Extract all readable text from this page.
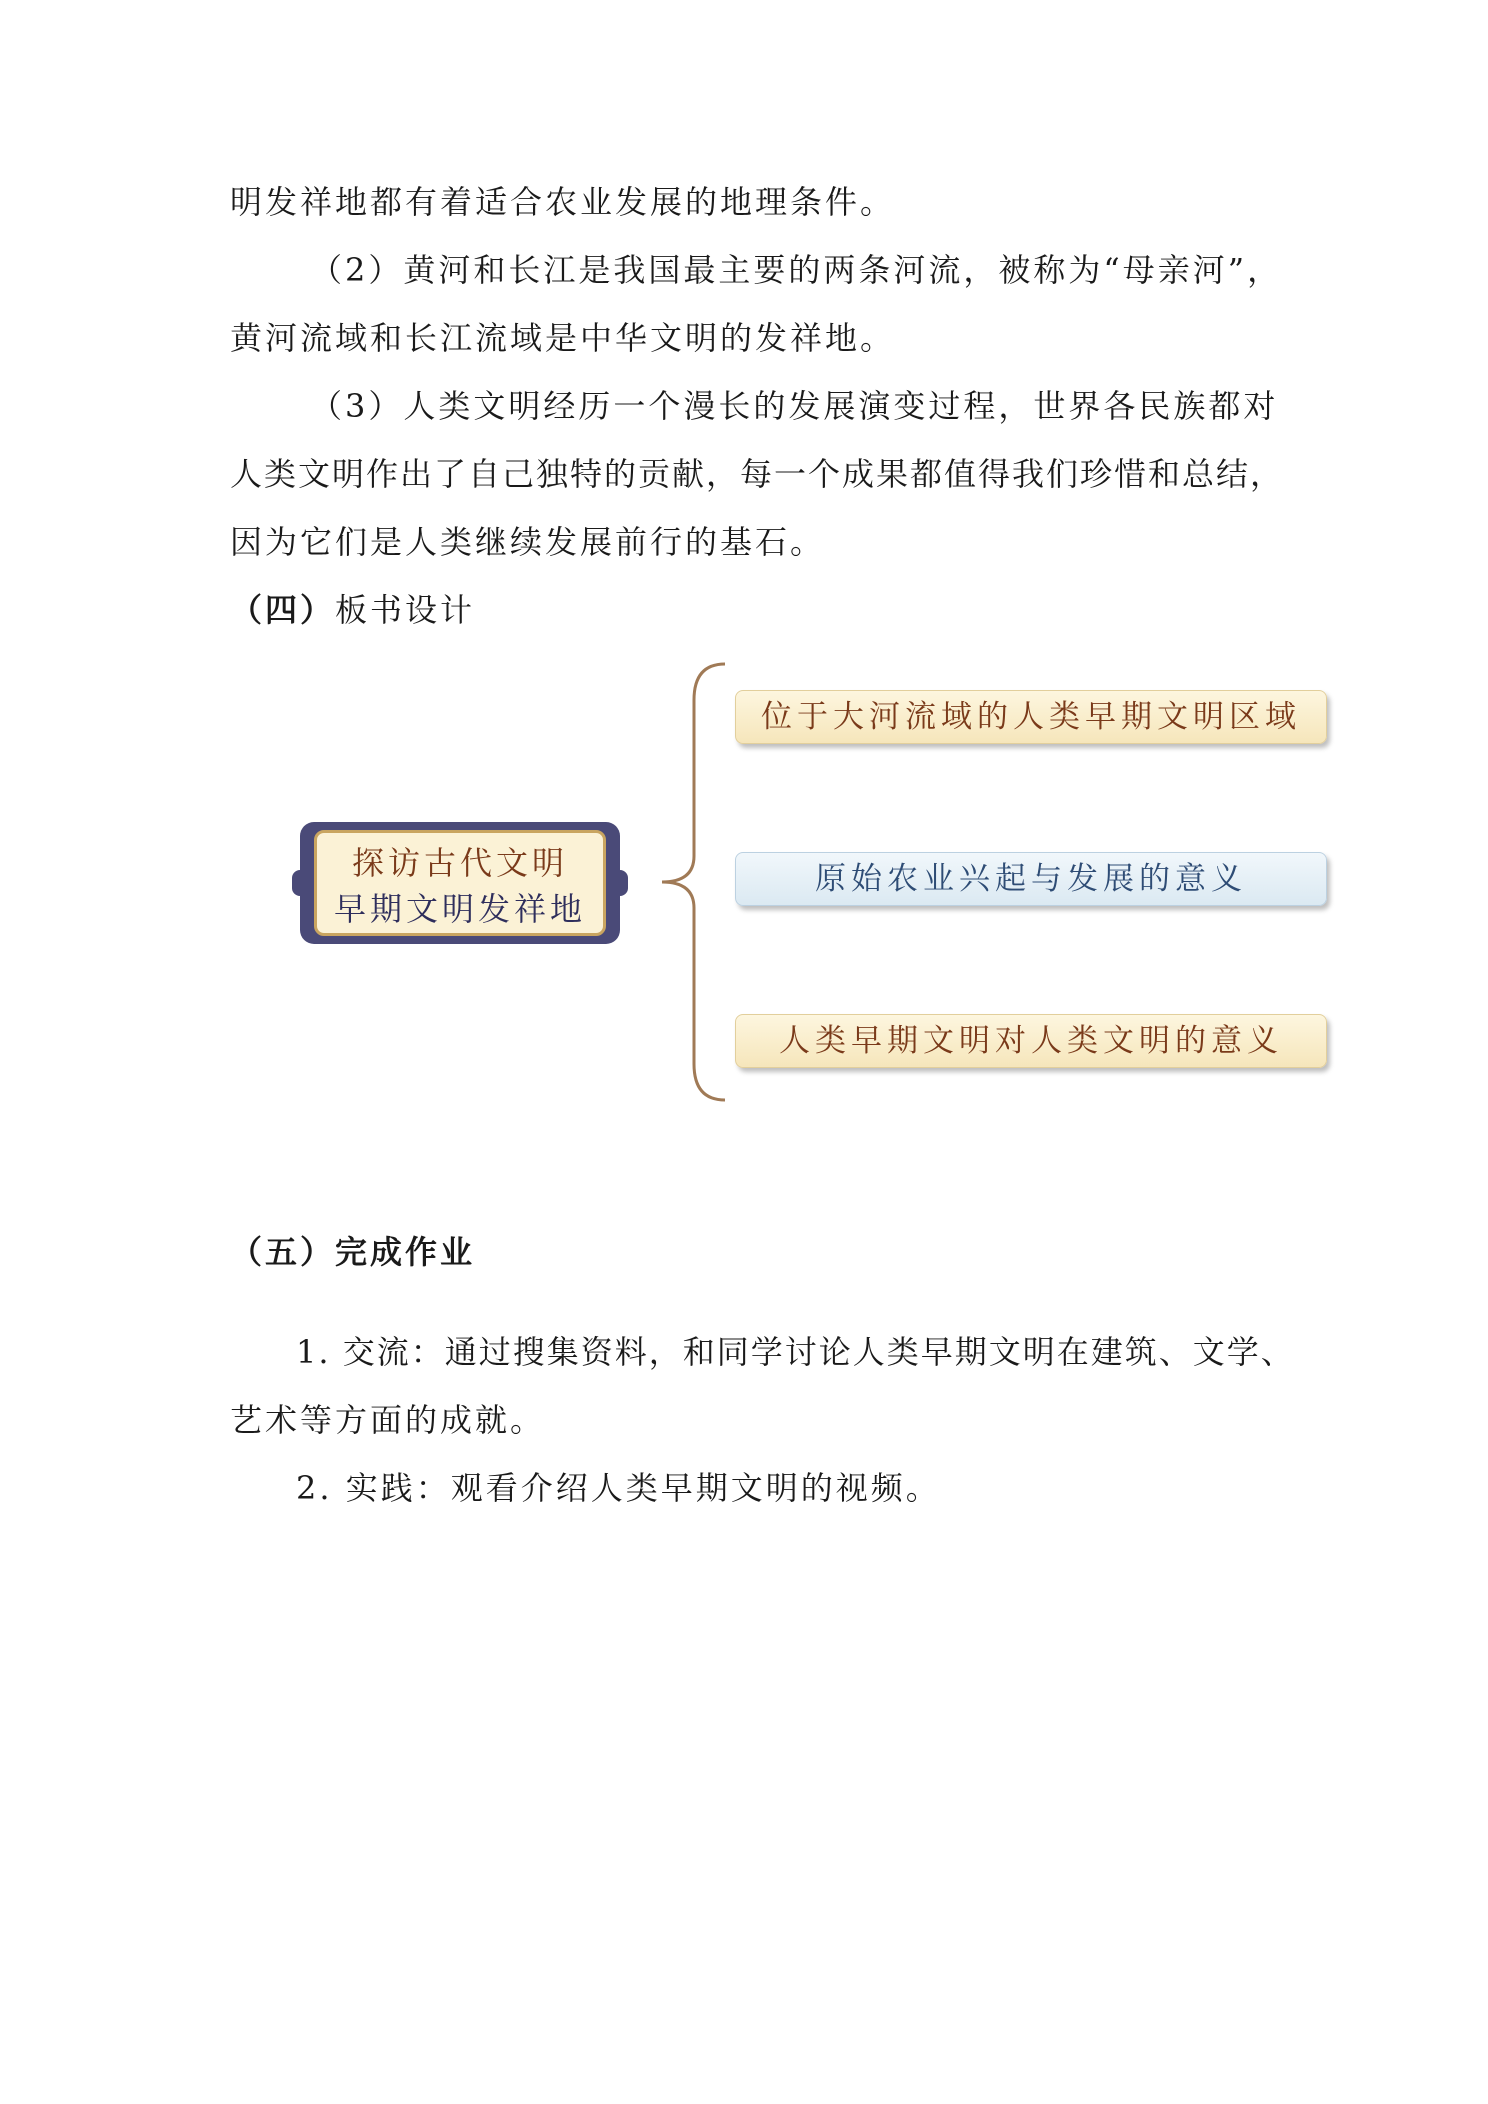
明发祥地都有着适合农业发展的地理条件。
（2）黄河和长江是我国最主要的两条河流，被称为“母亲河”，
黄河流域和长江流域是中华文明的发祥地。
（3）人类文明经历一个漫长的发展演变过程，世界各民族都对
人类文明作出了自己独特的贡献，每一个成果都值得我们珍惜和总结，
因为它们是人类继续发展前行的基石。
（四）板书设计
探访古代文明
早期文明发祥地
位于大河流域的人类早期文明区域
原始农业兴起与发展的意义
人类早期文明对人类文明的意义
（五）完成作业
1. 交流：通过搜集资料，和同学讨论人类早期文明在建筑、文学、
艺术等方面的成就。
2. 实践：观看介绍人类早期文明的视频。
